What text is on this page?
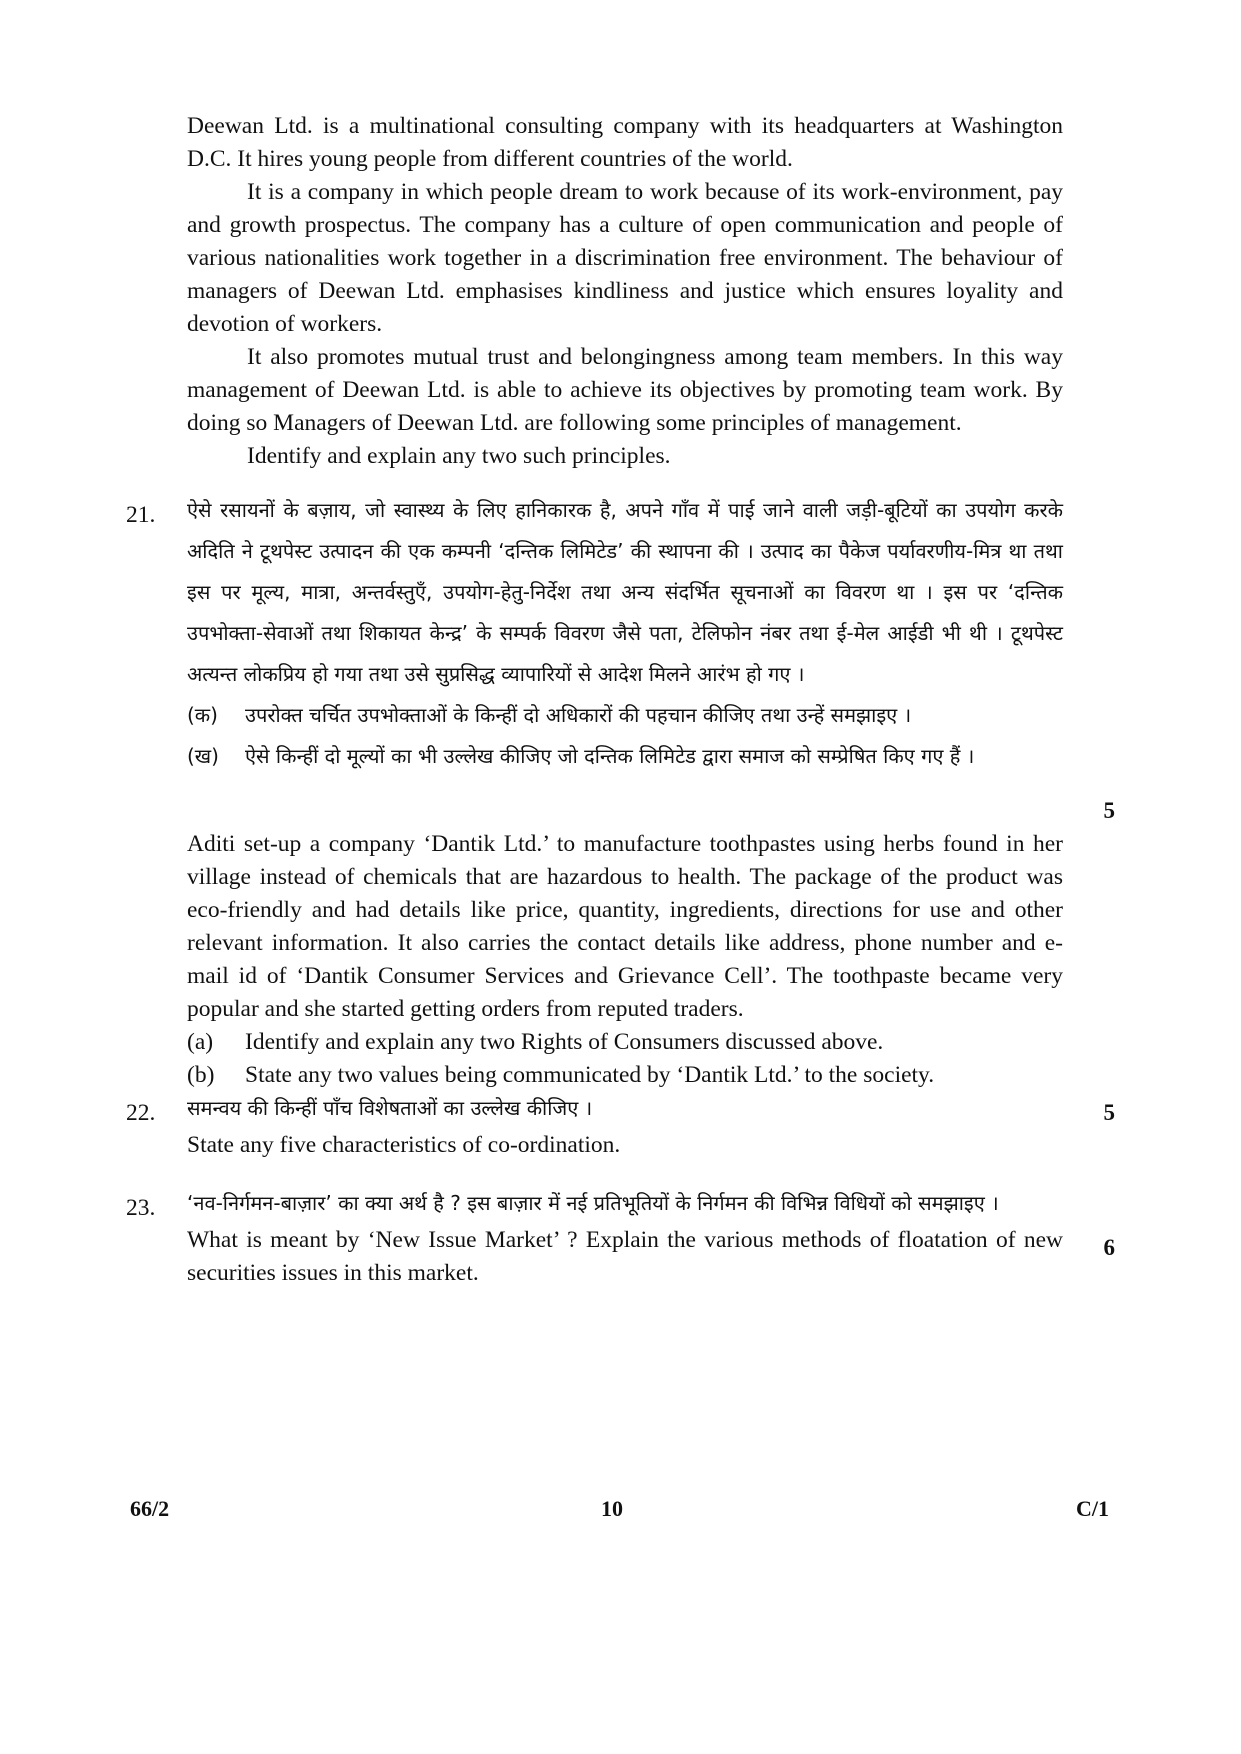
Deewan Ltd. is a multinational consulting company with its headquarters at Washington D.C. It hires young people from different countries of the world.

It is a company in which people dream to work because of its work-environment, pay and growth prospectus. The company has a culture of open communication and people of various nationalities work together in a discrimination free environment. The behaviour of managers of Deewan Ltd. emphasises kindliness and justice which ensures loyality and devotion of workers.

It also promotes mutual trust and belongingness among team members. In this way management of Deewan Ltd. is able to achieve its objectives by promoting team work. By doing so Managers of Deewan Ltd. are following some principles of management.

Identify and explain any two such principles.

21. ऐसे रसायनों के बज़ाय, जो स्वास्थ्य के लिए हानिकारक है, अपने गाँव में पाई जाने वाली जड़ी-बूटियों का उपयोग करके अदिति ने टूथपेस्ट उत्पादन की एक कम्पनी ‘दन्तिक लिमिटेड’ की स्थापना की । उत्पाद का पैकेज पर्यावरणीय-मित्र था तथा इस पर मूल्य, मात्रा, अन्तर्वस्तुएँ, उपयोग-हेतु-निर्देश तथा अन्य संदर्भित सूचनाओं का विवरण था । इस पर ‘दन्तिक उपभोक्ता-सेवाओं तथा शिकायत केन्द्र’ के सम्पर्क विवरण जैसे पता, टेलिफोन नंबर तथा ई-मेल आईडी भी थी । टूथपेस्ट अत्यन्त लोकप्रिय हो गया तथा उसे सुप्रसिद्ध व्यापारियों से आदेश मिलने आरंभ हो गए ।

(क)	उपरोक्त चर्चित उपभोक्ताओं के किन्हीं दो अधिकारों की पहचान कीजिए तथा उन्हें समझाइए ।
(ख)	ऐसे किन्हीं दो मूल्यों का भी उल्लेख कीजिए जो दन्तिक लिमिटेड द्वारा समाज को सम्प्रेषित किए गए हैं ।
5

Aditi set-up a company ‘Dantik Ltd.’ to manufacture toothpastes using herbs found in her village instead of chemicals that are hazardous to health. The package of the product was eco-friendly and had details like price, quantity, ingredients, directions for use and other relevant information. It also carries the contact details like address, phone number and e-mail id of ‘Dantik Consumer Services and Grievance Cell’. The toothpaste became very popular and she started getting orders from reputed traders.

(a)	Identify and explain any two Rights of Consumers discussed above.
(b)	State any two values being communicated by ‘Dantik Ltd.’ to the society.
22. समन्वय की किन्हीं पाँच विशेषताओं का उल्लेख कीजिए ।

State any five characteristics of co-ordination.

5
23. ‘नव-निर्गमन-बाज़ार’ का क्या अर्थ है ? इस बाज़ार में नई प्रतिभूतियों के निर्गमन की विभिन्न विधियों को समझाइए ।

What is meant by ‘New Issue Market’ ? Explain the various methods of floatation of new securities issues in this market.

6
66/2	10	C/1
